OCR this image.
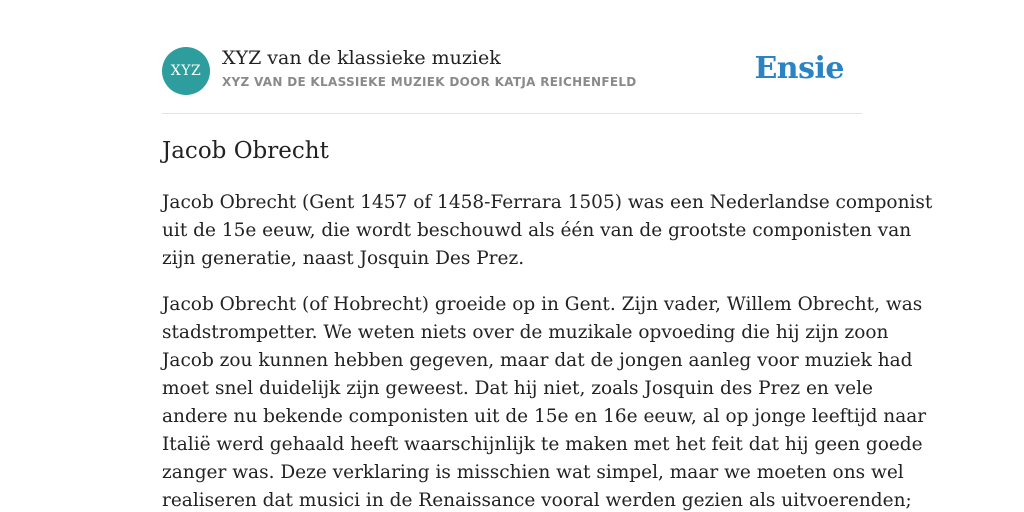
XYZ
XYZ van de klassieke muziek
XYZ VAN DE KLASSIEKE MUZIEK DOOR KATJA REICHENFELD	Ensie
Jacob Obrecht

Jacob Obrecht (Gent 1457 of 1458-Ferrara 1505) was een Nederlandse componist
uit de 15e eeuw, die wordt beschouwd als één van de grootste componisten van
zijn generatie, naast Josquin Des Prez.

Jacob Obrecht (of Hobrecht) groeide op in Gent. Zijn vader, Willem Obrecht, was
stadstrompetter. We weten niets over de muzikale opvoeding die hij zijn zoon
Jacob zou kunnen hebben gegeven, maar dat de jongen aanleg voor muziek had
moet snel duidelijk zijn geweest. Dat hij niet, zoals Josquin des Prez en vele
andere nu bekende componisten uit de 15e en 16e eeuw, al op jonge leeftijd naar
Italië werd gehaald heeft waarschijnlijk te maken met het feit dat hij geen goede
zanger was. Deze verklaring is misschien wat simpel, maar we moeten ons wel
realiseren dat musici in de Renaissance vooral werden gezien als uitvoerenden;
